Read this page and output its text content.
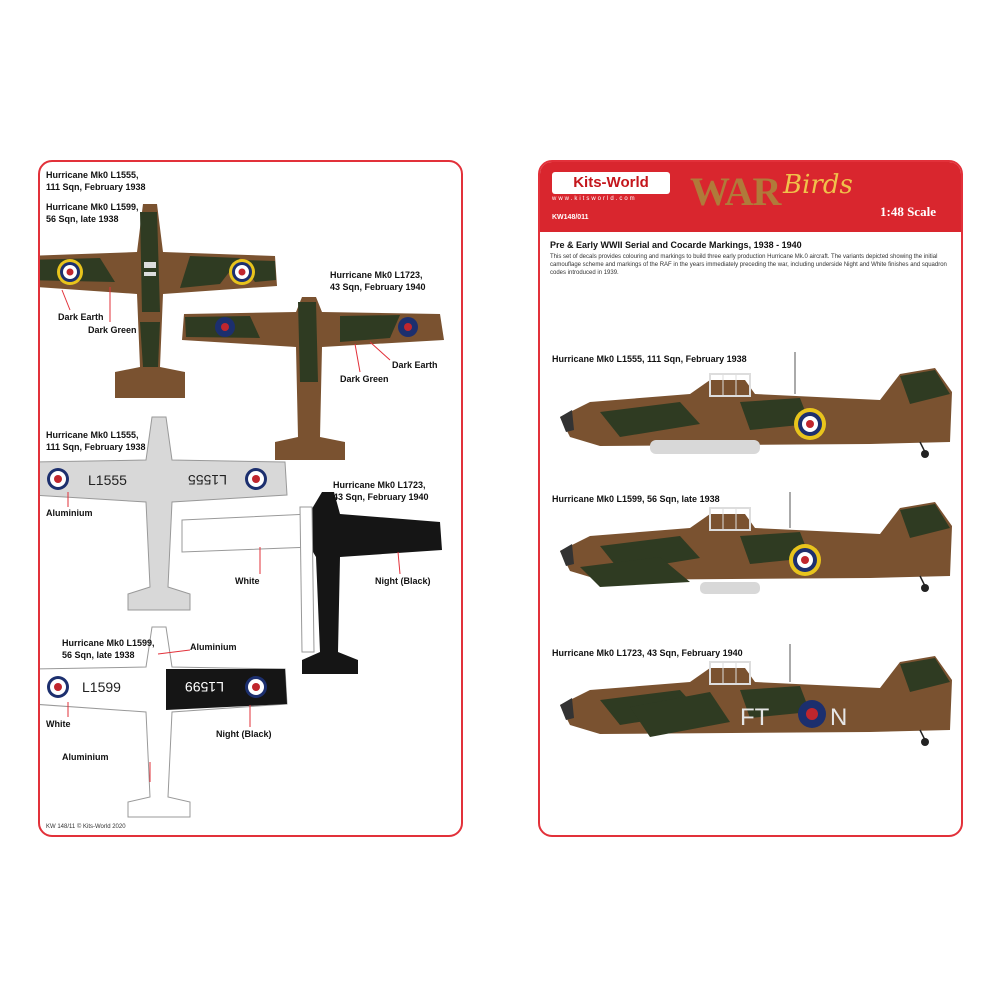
L1555	L1555
L1599	L1599
Hurricane Mk0 L1555,
111 Sqn, February 1938
Hurricane Mk0 L1599,
56 Sqn, late 1938
Hurricane Mk0 L1723,
43 Sqn, February 1940
Hurricane Mk0 L1555,
111 Sqn, February 1938
Hurricane Mk0 L1723,
43 Sqn, February 1940
Hurricane Mk0 L1599,
56 Sqn, late 1938
Dark Earth
Dark Green
Dark Earth
Dark Green
Aluminium
White	Night (Black)
Aluminium
White
Night (Black)
Aluminium
KW 148/11 © Kits-World 2020
Kits-World
www.kitsworld.com
KW148/011
WAR Birds
1:48 Scale
Pre & Early WWII Serial and Cocarde Markings, 1938 - 1940
This set of decals provides colouring and markings to build three early production Hurricane Mk.0 aircraft. The variants depicted showing the initial camouflage scheme and markings of the RAF in the years immediately preceding the war, including underside Night and White finishes and squadron codes introduced in 1939.
FT	N
Hurricane Mk0 L1555, 111 Sqn, February 1938
Hurricane Mk0 L1599, 56 Sqn, late 1938
Hurricane Mk0 L1723, 43 Sqn, February 1940
